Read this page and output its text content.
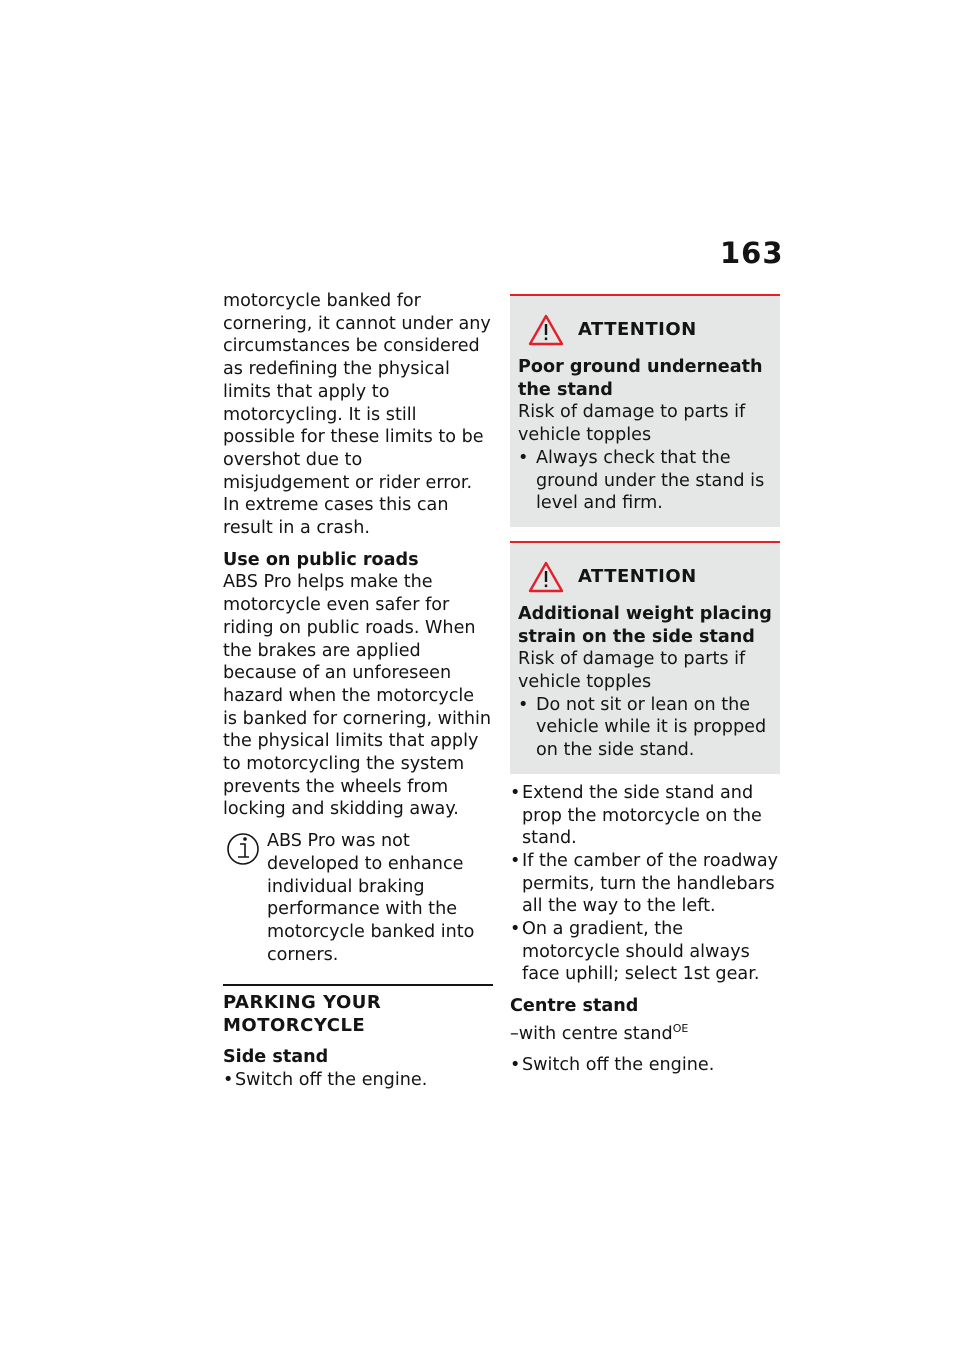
163

motorcycle banked for cornering, it cannot under any circumstances be considered as redefining the physical limits that apply to motorcycling. It is still possible for these limits to be overshot due to misjudgement or rider error. In extreme cases this can result in a crash.

Use on public roads

ABS Pro helps make the motorcycle even safer for riding on public roads. When the brakes are applied because of an unforeseen hazard when the motorcycle is banked for cornering, within the physical limits that apply to motorcycling the system prevents the wheels from locking and skidding away.

ABS Pro was not developed to enhance individual braking performance with the motorcycle banked into corners.
PARKING YOUR MOTORCYCLE
Side stand
• Switch off the engine.
ATTENTION
Poor ground underneath the stand
Risk of damage to parts if vehicle topples
• Always check that the ground under the stand is level and firm.
ATTENTION
Additional weight placing strain on the side stand
Risk of damage to parts if vehicle topples
• Do not sit or lean on the vehicle while it is propped on the side stand.
• Extend the side stand and prop the motorcycle on the stand.
• If the camber of the roadway permits, turn the handlebars all the way to the left.
• On a gradient, the motorcycle should always face uphill; select 1st gear.
Centre stand
–with centre stand$^{OE}$
• Switch off the engine.
